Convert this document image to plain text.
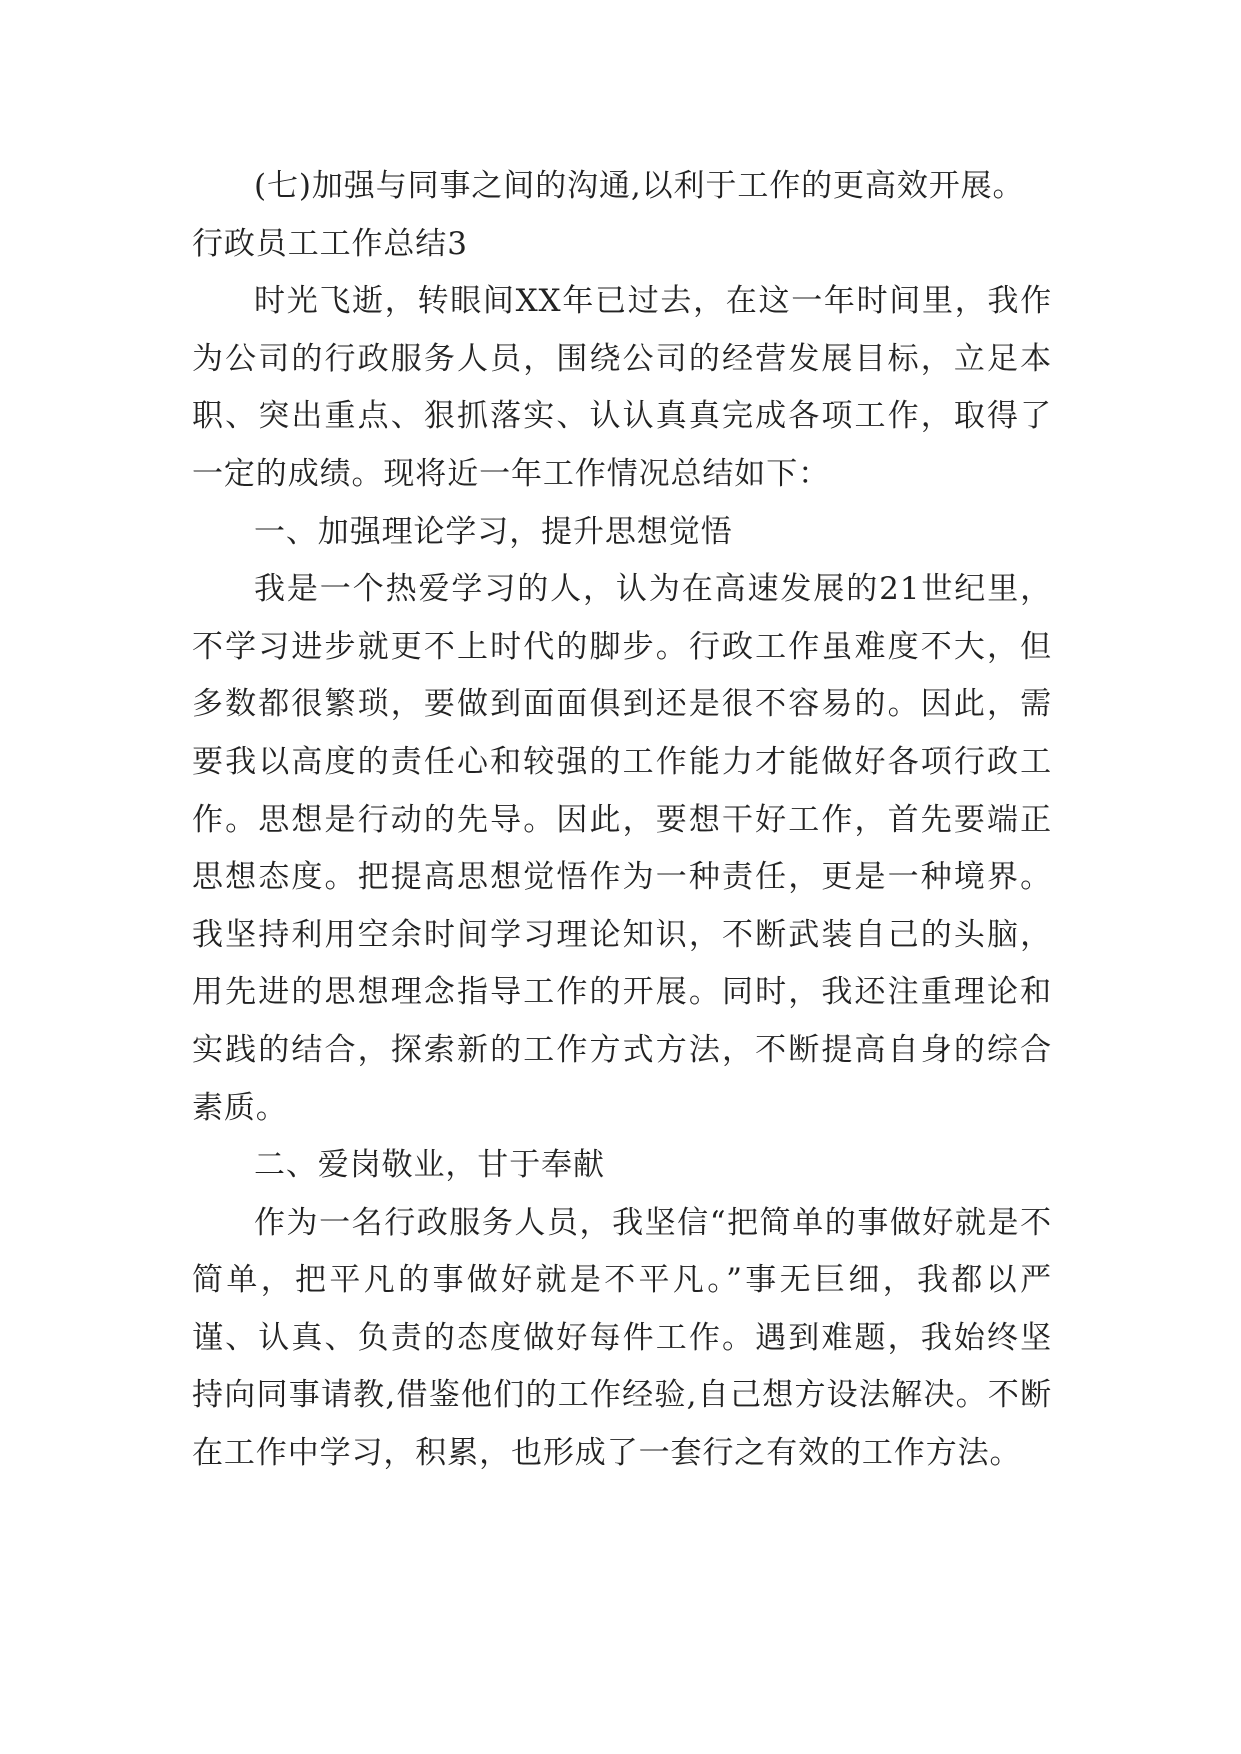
(七)加强与同事之间的沟通,以利于工作的更高效开展。

行政员工工作总结3

时光飞逝，转眼间XX年已过去，在这一年时间里，我作为公司的行政服务人员，围绕公司的经营发展目标，立足本职、突出重点、狠抓落实、认认真真完成各项工作，取得了一定的成绩。现将近一年工作情况总结如下：

一、加强理论学习，提升思想觉悟

我是一个热爱学习的人，认为在高速发展的21世纪里，不学习进步就更不上时代的脚步。行政工作虽难度不大，但多数都很繁琐，要做到面面俱到还是很不容易的。因此，需要我以高度的责任心和较强的工作能力才能做好各项行政工作。思想是行动的先导。因此，要想干好工作，首先要端正思想态度。把提高思想觉悟作为一种责任，更是一种境界。我坚持利用空余时间学习理论知识，不断武装自己的头脑，用先进的思想理念指导工作的开展。同时，我还注重理论和实践的结合，探索新的工作方式方法，不断提高自身的综合素质。

二、爱岗敬业，甘于奉献

作为一名行政服务人员，我坚信“把简单的事做好就是不简单，把平凡的事做好就是不平凡。”事无巨细，我都以严谨、认真、负责的态度做好每件工作。遇到难题，我始终坚持向同事请教,借鉴他们的工作经验,自己想方设法解决。不断在工作中学习，积累，也形成了一套行之有效的工作方法。
